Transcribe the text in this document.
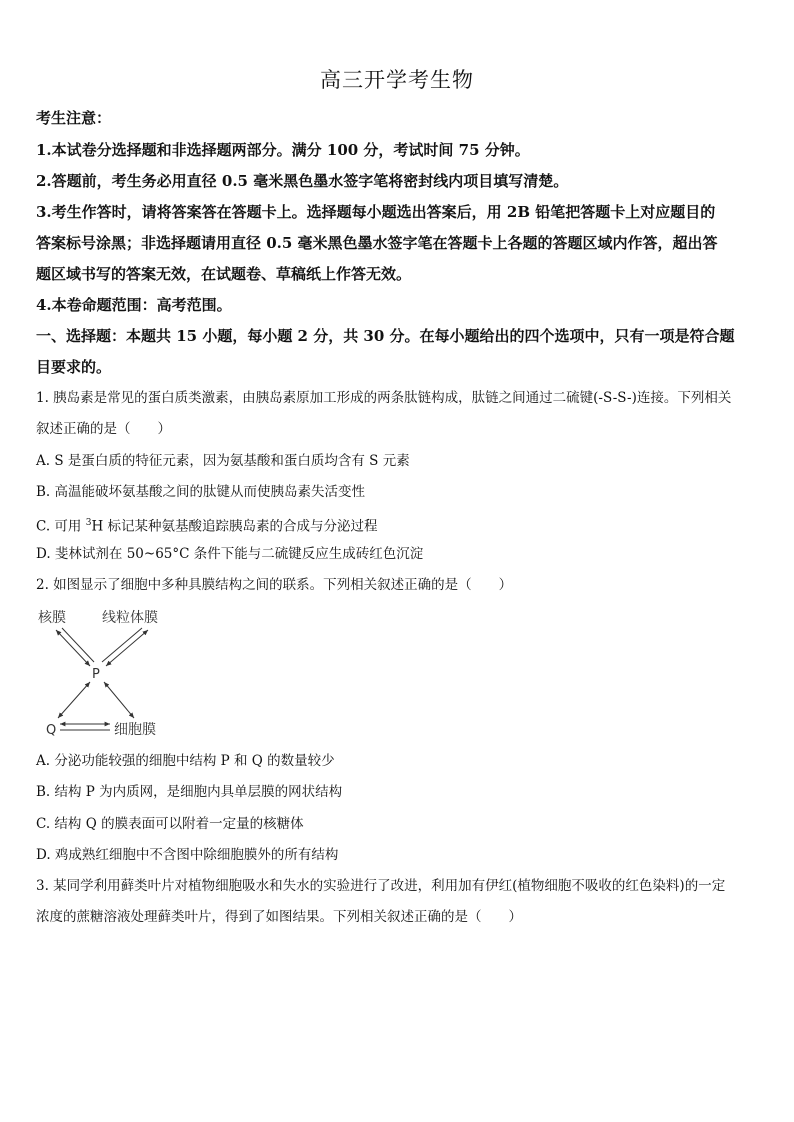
高三开学考生物
考生注意：
1.本试卷分选择题和非选择题两部分。满分 100 分，考试时间 75 分钟。
2.答题前，考生务必用直径 0.5 毫米黑色墨水签字笔将密封线内项目填写清楚。
3.考生作答时，请将答案答在答题卡上。选择题每小题选出答案后，用 2B 铅笔把答题卡上对应题目的
答案标号涂黑；非选择题请用直径 0.5 毫米黑色墨水签字笔在答题卡上各题的答题区域内作答，超出答
题区域书写的答案无效，在试题卷、草稿纸上作答无效。
4.本卷命题范围：高考范围。
一、选择题：本题共 15 小题，每小题 2 分，共 30 分。在每小题给出的四个选项中，只有一项是符合题
目要求的。
1. 胰岛素是常见的蛋白质类激素，由胰岛素原加工形成的两条肽链构成，肽链之间通过二硫键(-S-S-)连接。下列相关
叙述正确的是（　　）
A. S 是蛋白质的特征元素，因为氨基酸和蛋白质均含有 S 元素
B. 高温能破坏氨基酸之间的肽键从而使胰岛素失活变性
C. 可用 $^3$H 标记某种氨基酸追踪胰岛素的合成与分泌过程
D. 斐林试剂在 50~65°C 条件下能与二硫键反应生成砖红色沉淀
2. 如图显示了细胞中多种具膜结构之间的联系。下列相关叙述正确的是（　　）
核膜	线粒体膜
P
Q	细胞膜
A. 分泌功能较强的细胞中结构 P 和 Q 的数量较少
B. 结构 P 为内质网，是细胞内具单层膜的网状结构
C. 结构 Q 的膜表面可以附着一定量的核糖体
D. 鸡成熟红细胞中不含图中除细胞膜外的所有结构
3. 某同学利用藓类叶片对植物细胞吸水和失水的实验进行了改进，利用加有伊红(植物细胞不吸收的红色染料)的一定
浓度的蔗糖溶液处理藓类叶片，得到了如图结果。下列相关叙述正确的是（　　）
